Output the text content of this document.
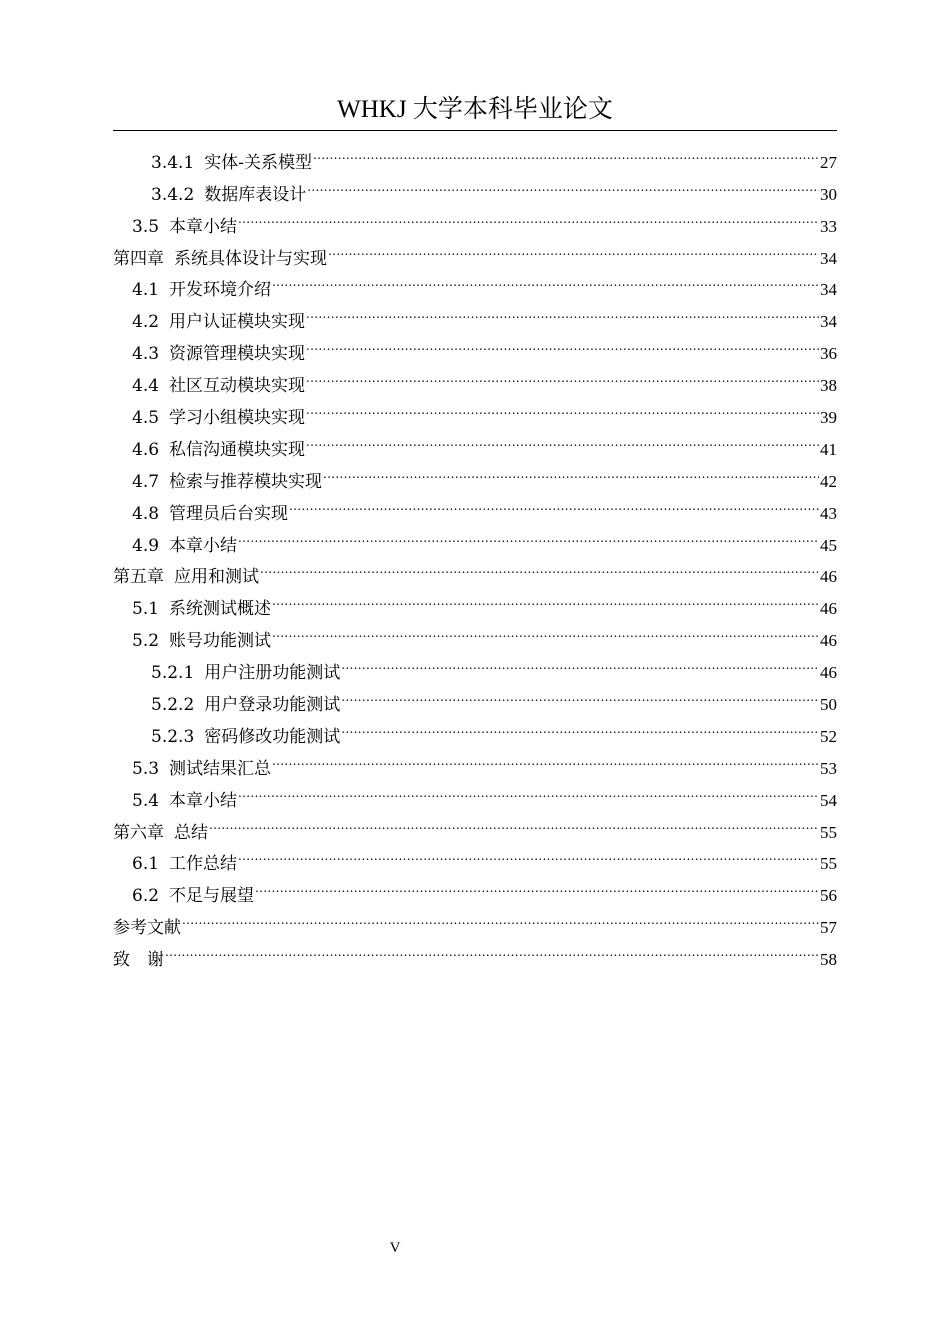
WHKJ 大学本科毕业论文
3.4.1 实体-关系模型 .....	27
3.4.2 数据库表设计 .....	30
3.5 本章小结 .....	33
第四章 系统具体设计与实现 .....	34
4.1 开发环境介绍 .....	34
4.2 用户认证模块实现 .....	34
4.3 资源管理模块实现 .....	36
4.4 社区互动模块实现 .....	38
4.5 学习小组模块实现 .....	39
4.6 私信沟通模块实现 .....	41
4.7 检索与推荐模块实现 .....	42
4.8 管理员后台实现 .....	43
4.9 本章小结 .....	45
第五章 应用和测试 .....	46
5.1 系统测试概述 .....	46
5.2 账号功能测试 .....	46
5.2.1 用户注册功能测试 .....	46
5.2.2 用户登录功能测试 .....	50
5.2.3 密码修改功能测试 .....	52
5.3 测试结果汇总 .....	53
5.4 本章小结 .....	54
第六章 总结 .....	55
6.1 工作总结 .....	55
6.2 不足与展望 .....	56
参考文献 .....	57
致　谢 .....	58
V
